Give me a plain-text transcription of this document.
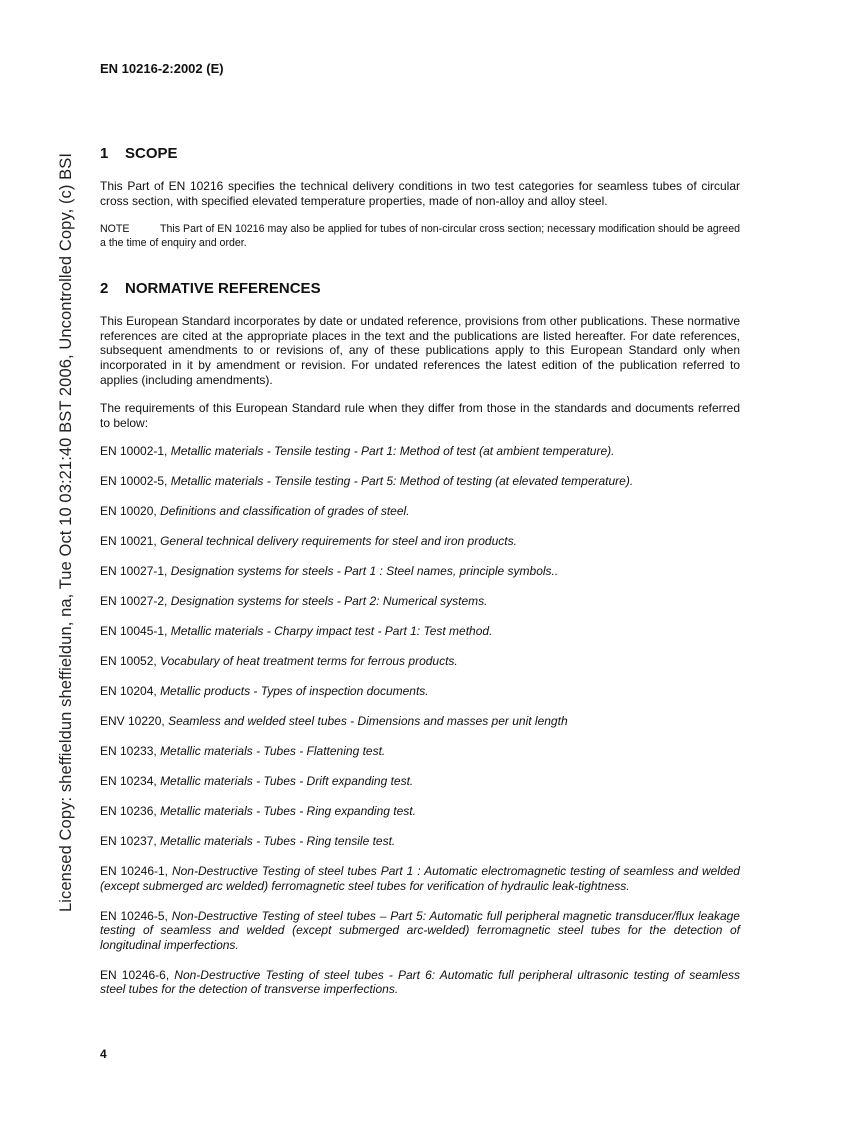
Licensed Copy: sheffieldun sheffieldun, na, Tue Oct 10 03:21:40 BST 2006, Uncontrolled Copy, (c) BSI
EN 10216-2:2002 (E)
1 SCOPE
This Part of EN 10216 specifies the technical delivery conditions in two test categories for seamless tubes of circular cross section, with specified elevated temperature properties, made of non-alloy and alloy steel.
NOTE	This Part of EN 10216 may also be applied for tubes of non-circular cross section; necessary modification should be agreed a the time of enquiry and order.
2 NORMATIVE REFERENCES
This European Standard incorporates by date or undated reference, provisions from other publications. These normative references are cited at the appropriate places in the text and the publications are listed hereafter. For date references, subsequent amendments to or revisions of, any of these publications apply to this European Standard only when incorporated in it by amendment or revision. For undated references the latest edition of the publication referred to applies (including amendments).
The requirements of this European Standard rule when they differ from those in the standards and documents referred to below:
EN 10002-1, Metallic materials - Tensile testing - Part 1: Method of test (at ambient temperature).
EN 10002-5, Metallic materials - Tensile testing - Part 5: Method of testing (at elevated temperature).
EN 10020, Definitions and classification of grades of steel.
EN 10021, General technical delivery requirements for steel and iron products.
EN 10027-1, Designation systems for steels - Part 1 : Steel names, principle symbols..
EN 10027-2, Designation systems for steels - Part 2: Numerical systems.
EN 10045-1, Metallic materials - Charpy impact test - Part 1: Test method.
EN 10052, Vocabulary of heat treatment terms for ferrous products.
EN 10204, Metallic products - Types of inspection documents.
ENV 10220, Seamless and welded steel tubes - Dimensions and masses per unit length
EN 10233, Metallic materials - Tubes - Flattening test.
EN 10234, Metallic materials - Tubes - Drift expanding test.
EN 10236, Metallic materials - Tubes - Ring expanding test.
EN 10237, Metallic materials - Tubes - Ring tensile test.
EN 10246-1, Non-Destructive Testing of steel tubes Part 1 : Automatic electromagnetic testing of seamless and welded (except submerged arc welded) ferromagnetic steel tubes for verification of hydraulic leak-tightness.
EN 10246-5, Non-Destructive Testing of steel tubes – Part 5: Automatic full peripheral magnetic transducer/flux leakage testing of seamless and welded (except submerged arc-welded) ferromagnetic steel tubes for the detection of longitudinal imperfections.
EN 10246-6, Non-Destructive Testing of steel tubes - Part 6: Automatic full peripheral ultrasonic testing of seamless steel tubes for the detection of transverse imperfections.
4
